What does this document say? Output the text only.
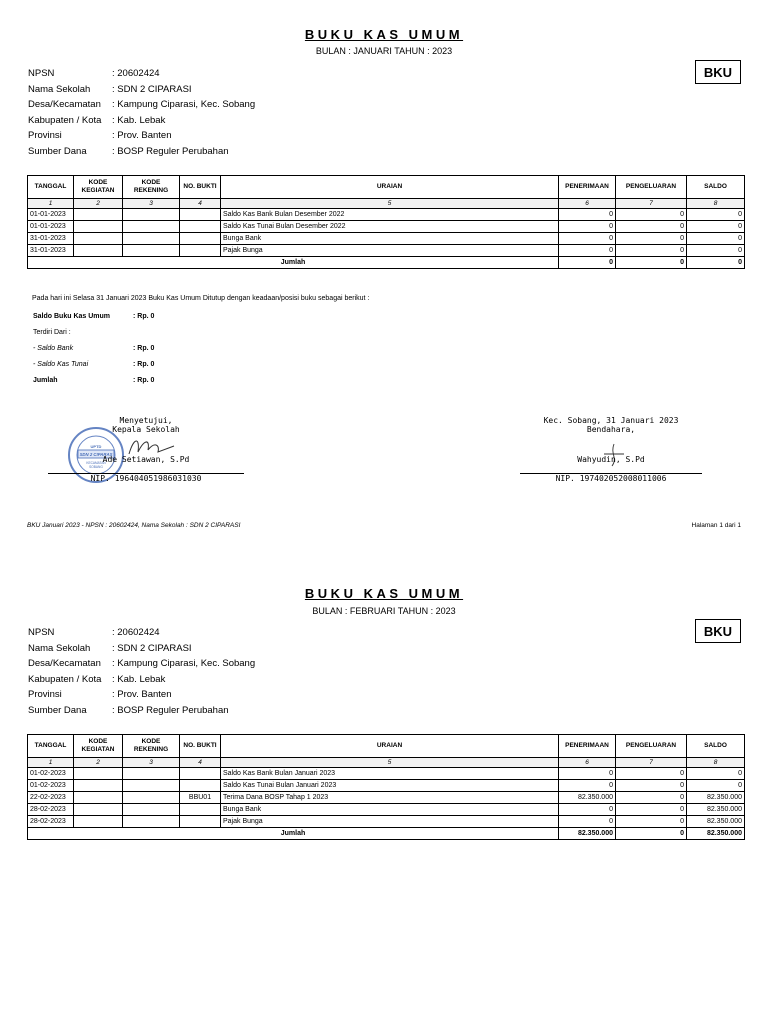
BUKU KAS UMUM
BULAN : JANUARI TAHUN : 2023
BKU
NPSN	: 20602424
Nama Sekolah	: SDN 2 CIPARASI
Desa/Kecamatan	: Kampung Ciparasi, Kec. Sobang
Kabupaten / Kota	: Kab. Lebak
Provinsi	: Prov. Banten
Sumber Dana	: BOSP Reguler Perubahan
TANGGAL	KODE KEGIATAN	KODE REKENING	NO. BUKTI	URAIAN	PENERIMAAN	PENGELUARAN	SALDO
1	2	3	4	5	6	7	8
01-01-2023				Saldo Kas Bank Bulan Desember 2022	0	0	0
01-01-2023				Saldo Kas Tunai Bulan Desember 2022	0	0	0
31-01-2023				Bunga Bank	0	0	0
31-01-2023				Pajak Bunga	0	0	0
Jumlah					0	0	0
Pada hari ini Selasa 31 Januari 2023 Buku Kas Umum Ditutup dengan keadaan/posisi buku sebagai berikut :
Saldo Buku Kas Umum	: Rp. 0
Terdiri Dari :
- Saldo Bank	: Rp. 0
- Saldo Kas Tunai	: Rp. 0
Jumlah	: Rp. 0
UPTD
SDN 2 CIPARAS
KECAMATAN
SOBANG
Menyetujui,
Kepala Sekolah
Ade Setiawan, S.Pd
NIP. 196404051986031030
Kec. Sobang, 31 Januari 2023
Bendahara,
Wahyudin, S.Pd
NIP. 197402052008011006
BKU Januari 2023 - NPSN : 20602424, Nama Sekolah : SDN 2 CIPARASI	Halaman 1 dari 1
BUKU KAS UMUM
BULAN : FEBRUARI TAHUN : 2023
BKU
NPSN	: 20602424
Nama Sekolah	: SDN 2 CIPARASI
Desa/Kecamatan	: Kampung Ciparasi, Kec. Sobang
Kabupaten / Kota	: Kab. Lebak
Provinsi	: Prov. Banten
Sumber Dana	: BOSP Reguler Perubahan
TANGGAL	KODE KEGIATAN	KODE REKENING	NO. BUKTI	URAIAN	PENERIMAAN	PENGELUARAN	SALDO
1	2	3	4	5	6	7	8
01-02-2023				Saldo Kas Bank Bulan Januari 2023	0	0	0
01-02-2023				Saldo Kas Tunai Bulan Januari 2023	0	0	0
22-02-2023			BBU01	Terima Dana BOSP Tahap 1 2023	82.350.000	0	82.350.000
28-02-2023				Bunga Bank	0	0	82.350.000
28-02-2023				Pajak Bunga	0	0	82.350.000
Jumlah					82.350.000	0	82.350.000
